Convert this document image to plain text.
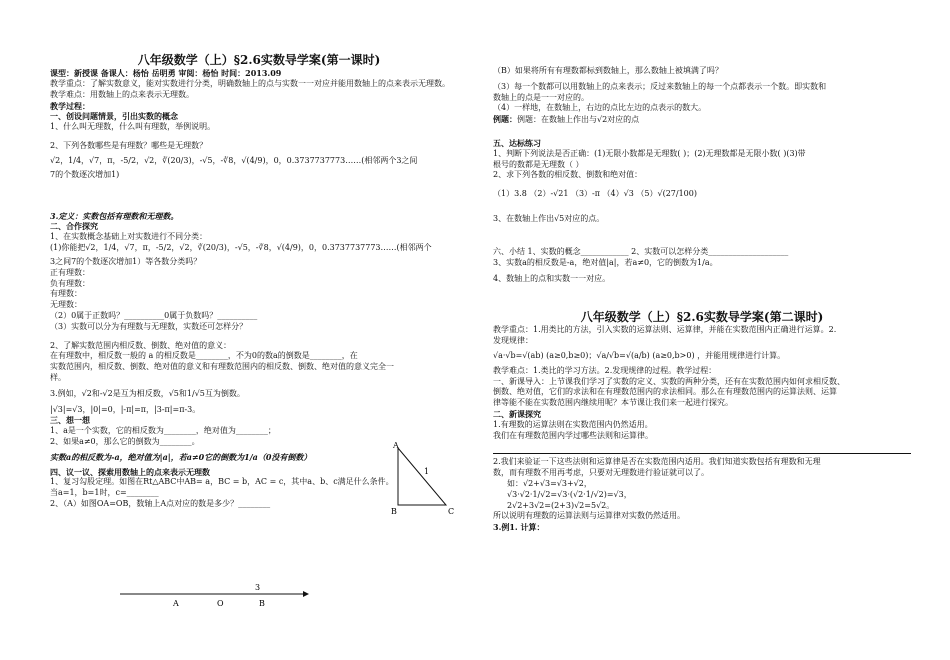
八年级数学（上）§2.6实数导学案(第一课时)

课型：新授课 备课人：杨怡 岳明勇 审阅：杨怡 时间：2013.09

教学重点：了解实数意义，能对实数进行分类，明确数轴上的点与实数一一对应并能用数轴上的点来表示无理数。

教学难点：用数轴上的点来表示无理数。

教学过程：

一、创设问题情景，引出实数的概念

1、什么叫无理数，什么叫有理数，举例说明。

2、下列各数哪些是有理数？哪些是无理数？

√2，1/4，√7，π，-5/2，√2，∛(20/3)，-√5，-∛8，√(4/9)，0，0.3737737773……(相邻两个3之间

7的个数逐次增加1)

3.定义：实数包括有理数和无理数。

二、合作探究

1、在实数概念基础上对实数进行不同分类：

(1)你能把√2，1/4，√7，π，-5/2，√2，∛(20/3)，-√5，-∛8，√(4/9)，0，0.3737737773……(相邻两个

3之间7的个数逐次增加1）等各数分类吗？

正有理数：

负有理数：

有理数：

无理数：

（2）0属于正数吗？__________0属于负数吗？__________

（3）实数可以分为有理数与无理数，实数还可怎样分？

2、了解实数范围内相反数、倒数、绝对值的意义：

在有理数中，相反数一般的 a 的相反数是________，不为0的数a的倒数是________，在

实数范围内，相反数、倒数、绝对值的意义和有理数范围内的相反数、倒数、绝对值的意义完全一

样。

3.例如，√2和-√2是互为相反数，√5和1/√5互为倒数。

|√3|=√3，|0|=0，|-π|=π，|3-π|=π-3。

三、想一想

1、a是一个实数，它的相反数为________，绝对值为________；

2、如果a≠0，那么它的倒数为________。

实数a的相反数为-a，绝对值为|a|，若a≠0它的倒数为1/a（0没有倒数）

四、议一议、探索用数轴上的点来表示无理数

1、复习勾股定理。如图在Rt△ABC中AB= a，BC = b，AC = c，其中a、b、c满足什么条件。

当a=1，b=1时，c=________

2、（A）如图OA=OB，数轴上A点对应的数是多少？________

A
B	C
1
3
A	O	B

（B）如果将所有有理数都标到数轴上，那么数轴上被填满了吗？

（3）每一个数都可以用数轴上的点来表示；反过来数轴上的每一个点都表示一个数。即实数和

数轴上的点是一一对应的。

（4）一样地，在数轴上，右边的点比左边的点表示的数大。

例题：例题：在数轴上作出与√2对应的点

五、达标练习

1、判断下列说法是否正确：(1)无限小数都是无理数( )；(2)无理数都是无限小数( )(3)带

根号的数都是无理数（ ）

2、求下列各数的相反数、倒数和绝对值：

（1）3.8 （2）-√21 （3）-π （4）√3 （5）√(27/100)

3、在数轴上作出√5对应的点。

六、小结 1、实数的概念____________ 2、实数可以怎样分类____________________

3、实数a的相反数是-a，绝对值|a|，若a≠0，它的倒数为1/a。

4、数轴上的点和实数一一对应。

八年级数学（上）§2.6实数导学案(第二课时)

教学重点：1.用类比的方法，引入实数的运算法则、运算律，并能在实数范围内正确进行运算。2.

发现规律：

√a·√b=√(ab) (a≥0,b≥0)；√a/√b=√(a/b) (a≥0,b>0) ，并能用规律进行计算。

教学难点：1.类比的学习方法。2.发现规律的过程。教学过程：

一、新课导入：上节课我们学习了实数的定义、实数的两种分类，还有在实数范围内如何求相反数、

倒数、绝对值，它们的求法和在有理数范围内的求法相同。那么在有理数范围内的运算法则、运算

律等能不能在实数范围内继续用呢？本节课让我们来一起进行探究。

二、新课探究

1.有理数的运算法则在实数范围内仍然适用。

我们在有理数范围内学过哪些法则和运算律。

2.我们来验证一下这些法则和运算律是否在实数范围内适用。我们知道实数包括有理数和无理

数，而有理数不用再考虑，只要对无理数进行验证就可以了。

如：√2+√3=√3+√2，

√3·√2·1/√2=√3·(√2·1/√2)=√3，

2√2+3√2=(2+3)√2=5√2。

所以说明有理数的运算法则与运算律对实数仍然适用。

3.例1. 计算：
